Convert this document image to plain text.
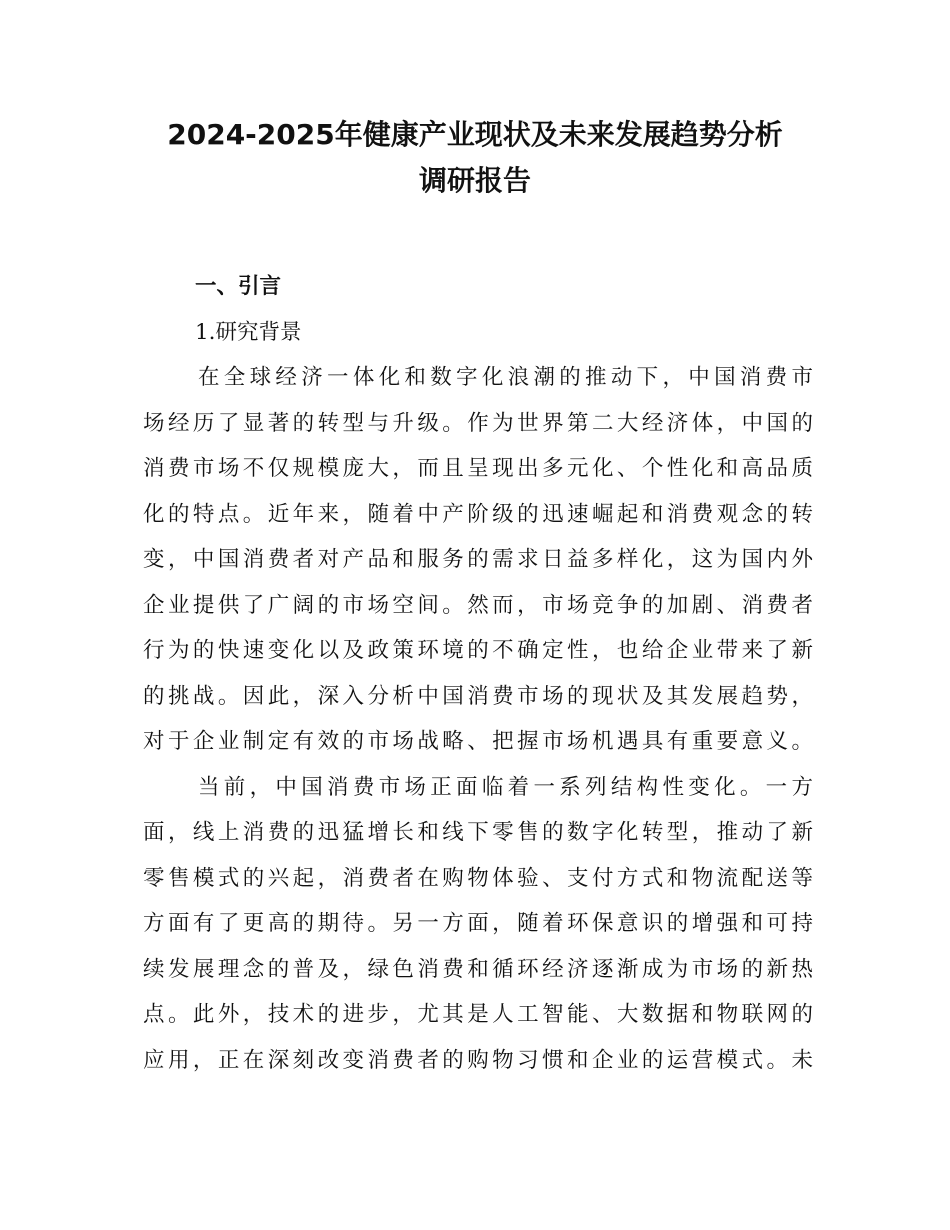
2024-2025年健康产业现状及未来发展趋势分析
调研报告
一、引言
1.研究背景
在全球经济一体化和数字化浪潮的推动下，中国消费市
场经历了显著的转型与升级。作为世界第二大经济体，中国的
消费市场不仅规模庞大，而且呈现出多元化、个性化和高品质
化的特点。近年来，随着中产阶级的迅速崛起和消费观念的转
变，中国消费者对产品和服务的需求日益多样化，这为国内外
企业提供了广阔的市场空间。然而，市场竞争的加剧、消费者
行为的快速变化以及政策环境的不确定性，也给企业带来了新
的挑战。因此，深入分析中国消费市场的现状及其发展趋势，
对于企业制定有效的市场战略、把握市场机遇具有重要意义。
当前，中国消费市场正面临着一系列结构性变化。一方
面，线上消费的迅猛增长和线下零售的数字化转型，推动了新
零售模式的兴起，消费者在购物体验、支付方式和物流配送等
方面有了更高的期待。另一方面，随着环保意识的增强和可持
续发展理念的普及，绿色消费和循环经济逐渐成为市场的新热
点。此外，技术的进步，尤其是人工智能、大数据和物联网的
应用，正在深刻改变消费者的购物习惯和企业的运营模式。未
